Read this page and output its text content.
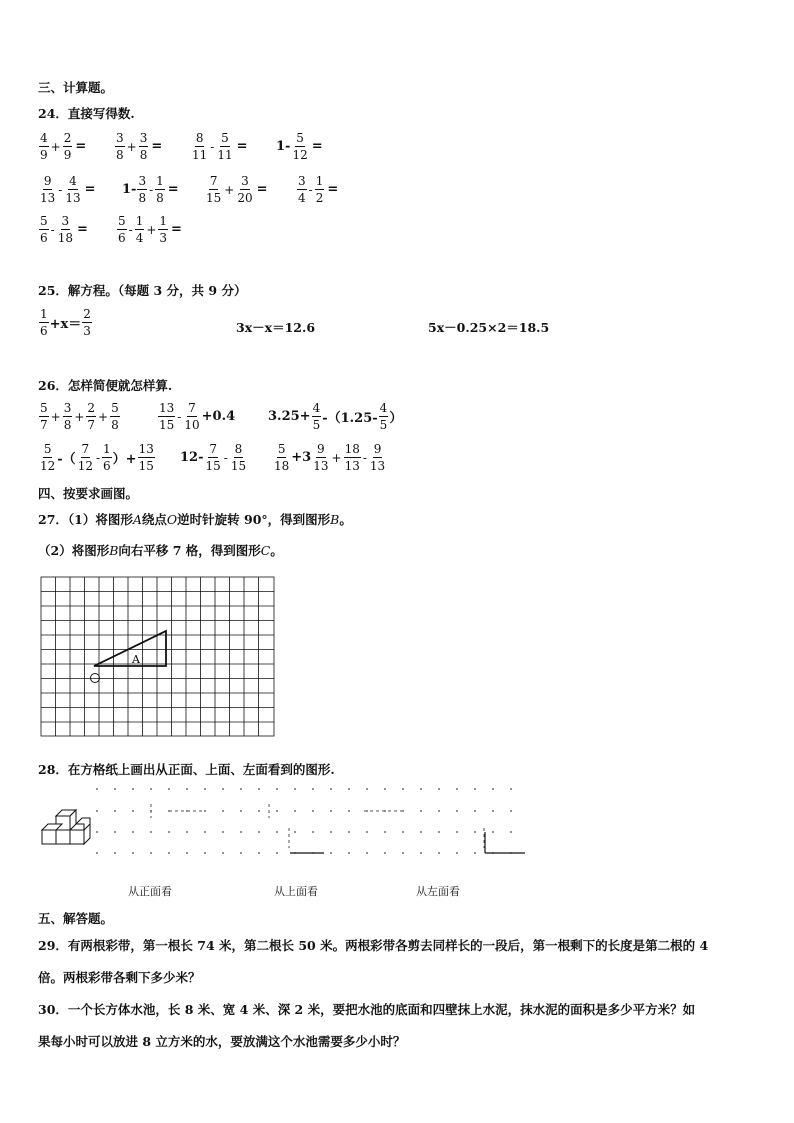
三、计算题。
24．直接写得数.
$\frac{4}{9} + \frac{2}{9} = \frac{3}{8} + \frac{3}{8} = \frac{8}{11} - \frac{5}{11} = 1- \frac{5}{12}$ =
$\frac{9}{13} - \frac{4}{13} = 1- \frac{3}{8} - \frac{1}{8} = \frac{7}{15} + \frac{3}{20} = \frac{3}{4} - \frac{1}{2}$ =
$\frac{5}{6} - \frac{3}{18} = \frac{5}{6} - \frac{1}{4} + \frac{1}{3}$ =
25．解方程。（每题 3 分，共 9 分）
$\frac{1}{6} +x= \frac{2}{3}$	3x－x＝12.6	5x－0.25×2＝18.5
26．怎样简便就怎样算.
$\frac{5}{7} + \frac{3}{8} + \frac{2}{7} + \frac{5}{8}$	$\frac{13}{15} - \frac{7}{10} +0.4$	$3.25+ \frac{4}{5} -(1.25- \frac{4}{5}$ ）
$\frac{5}{12}$ -（ $\frac{7}{12} - \frac{1}{6}$ ）+ $\frac{13}{15} 12- \frac{7}{15} - \frac{8}{15} \frac{5}{18} +3 \frac{9}{13} + \frac{18}{13} - \frac{9}{13}$
四、按要求画图。
27．（1）将图形A绕点O逆时针旋转 90°，得到图形B。
（2）将图形B向右平移 7 格，得到图形C。
A
28．在方格纸上画出从正面、上面、左面看到的图形.
从正面看	从上面看	从左面看
五、解答题。
29．有两根彩带，第一根长 74 米，第二根长 50 米。两根彩带各剪去同样长的一段后，第一根剩下的长度是第二根的 4
倍。两根彩带各剩下多少米？
30．一个长方体水池，长 8 米、宽 4 米、深 2 米，要把水池的底面和四壁抹上水泥，抹水泥的面积是多少平方米？如
果每小时可以放进 8 立方米的水，要放满这个水池需要多少小时？
